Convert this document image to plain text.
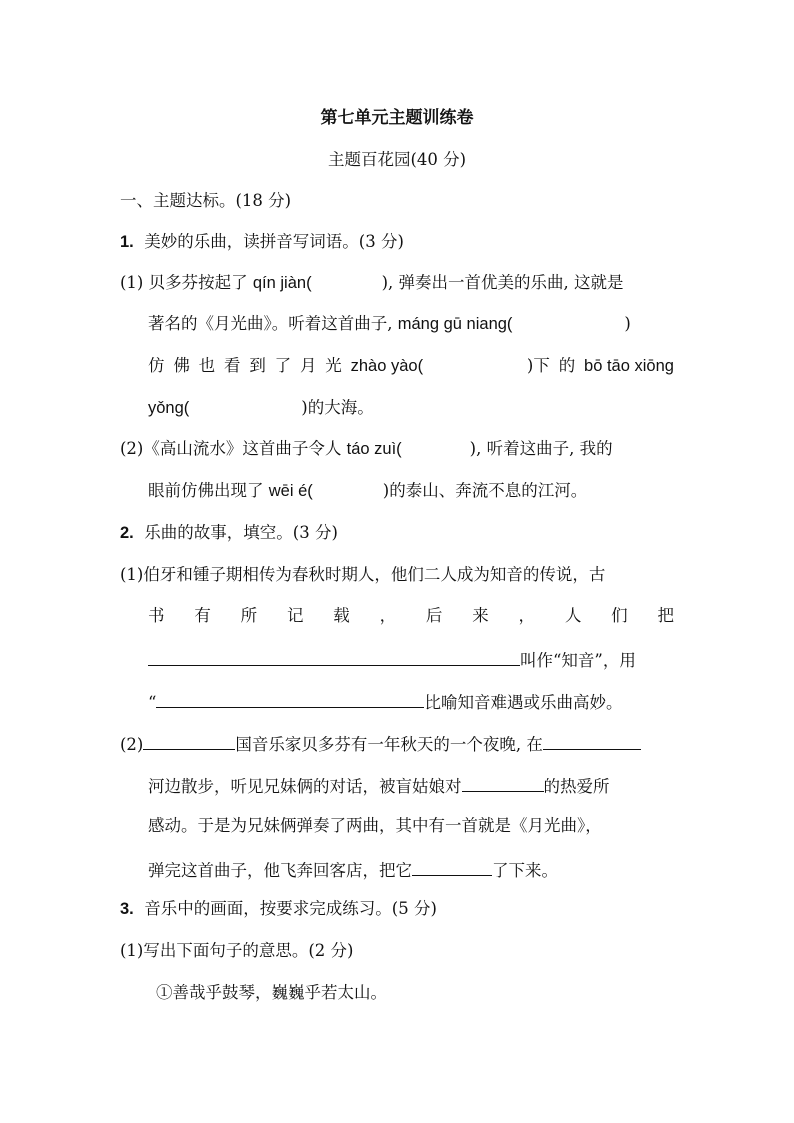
第七单元主题训练卷
主题百花园(40 分)
一、主题达标。(18 分)
1. 美妙的乐曲，读拼音写词语。(3 分)
(1) 贝多芬按起了 qín jiàn(	), 弹奏出一首优美的乐曲, 这就是
著名的《月光曲》。听着这首曲子, máng gū niang(	)
仿 佛 也 看 到 了 月 光 zhào yào(	)下 的 bō tāo xiōng
yǒng(	)的大海。
(2)《高山流水》这首曲子令人 táo zuì(	), 听着这曲子, 我的
眼前仿佛出现了 wēi é(	)的泰山、奔流不息的江河。
2. 乐曲的故事，填空。(3 分)
(1)伯牙和锺子期相传为春秋时期人，他们二人成为知音的传说，古
书 有 所 记 载 ， 后 来 ， 人 们 把
叫作“知音”，用
“	比喻知音难遇或乐曲高妙。
(2)	国音乐家贝多芬有一年秋天的一个夜晚, 在
河边散步，听见兄妹俩的对话，被盲姑娘对	的热爱所
感动。于是为兄妹俩弹奏了两曲，其中有一首就是《月光曲》，
弹完这首曲子，他飞奔回客店，把它	了下来。
3. 音乐中的画面，按要求完成练习。(5 分)
(1)写出下面句子的意思。(2 分)
①善哉乎鼓琴，巍巍乎若太山。
